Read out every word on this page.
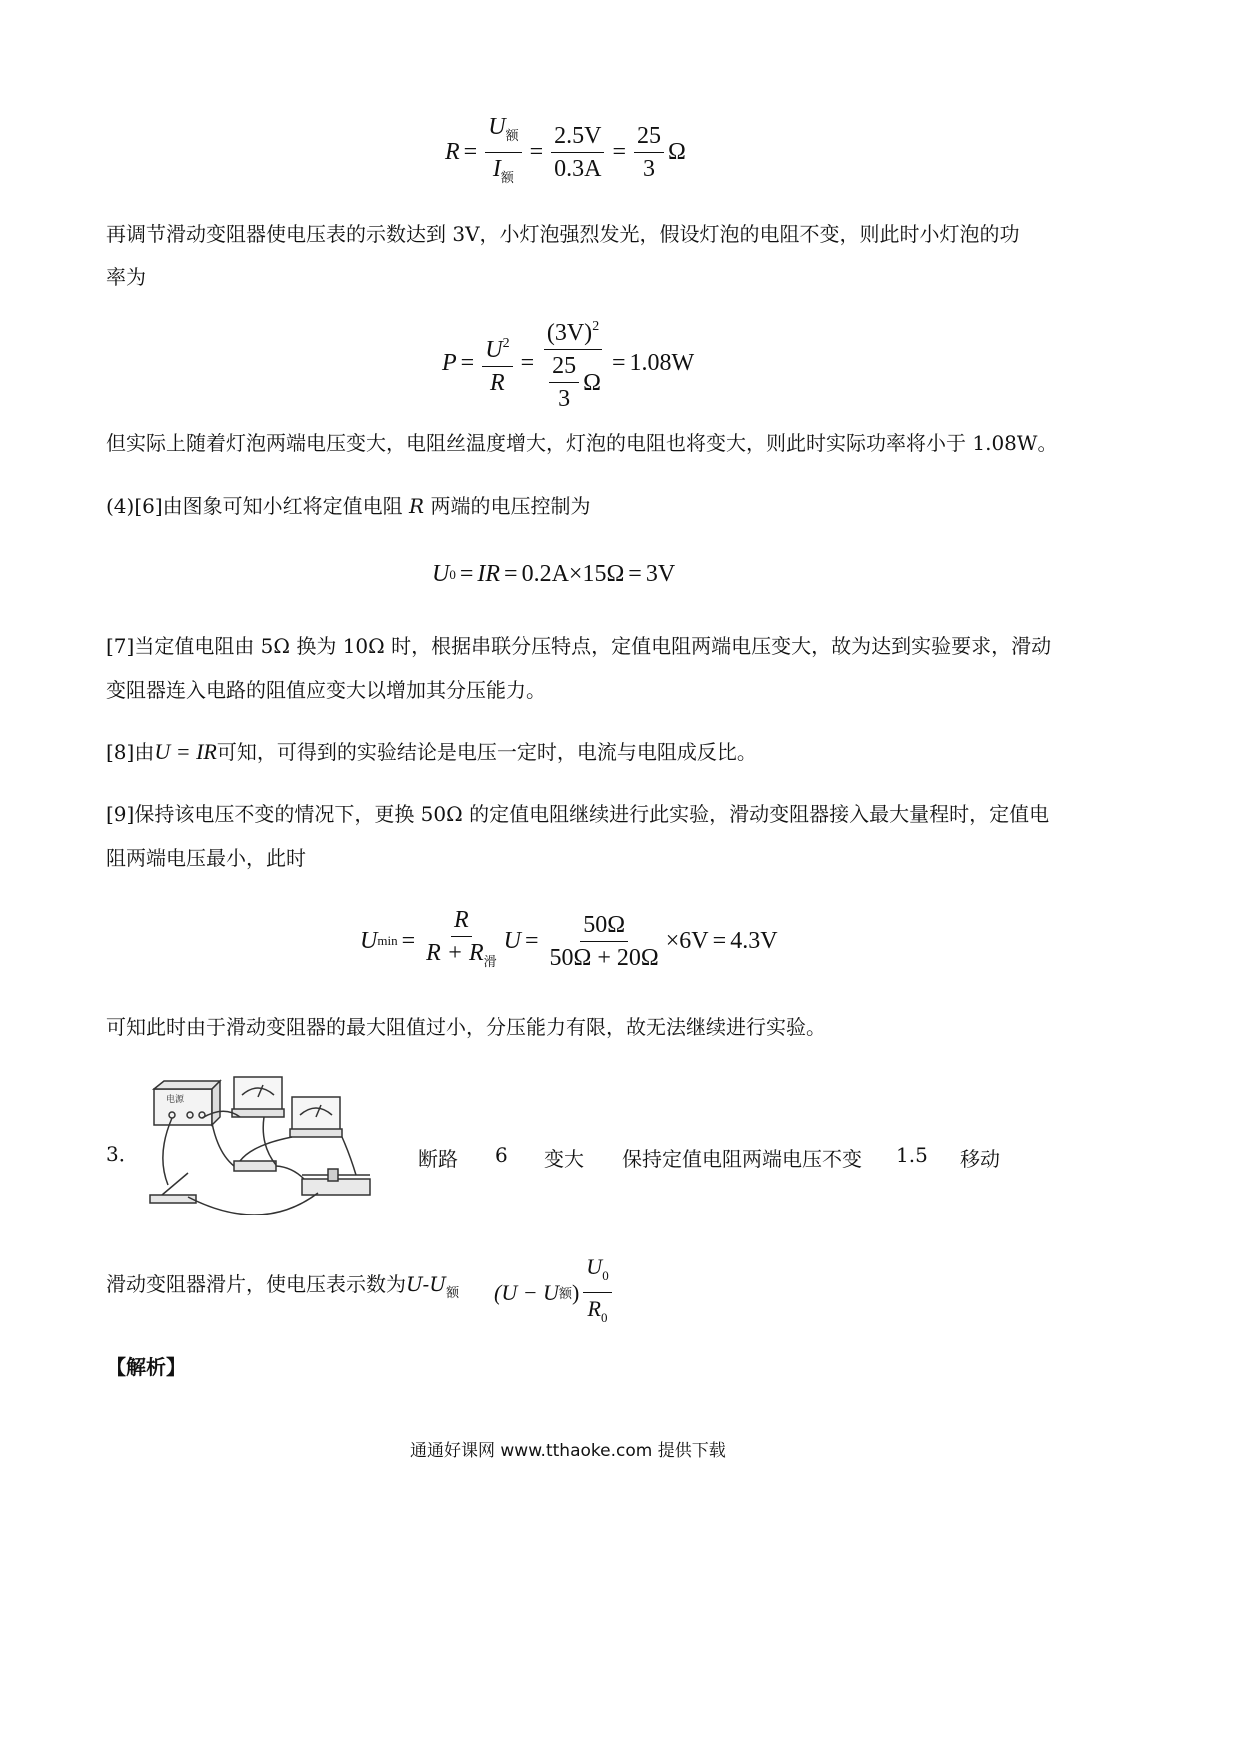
$R = \frac{U_额}{I_额} = \frac{2.5V}{0.3A} = \frac{25}{3}$ Ω
再调节滑动变阻器使电压表的示数达到 3V，小灯泡强烈发光，假设灯泡的电阻不变，则此时小灯泡的功
率为
$P = \frac{U^2}{R} = \frac{(3V)^2}{\frac{25}{3} \Omega} = 1.08W$
但实际上随着灯泡两端电压变大，电阻丝温度增大，灯泡的电阻也将变大，则此时实际功率将小于 1.08W。
(4)[6]由图象可知小红将定值电阻 R 两端的电压控制为
U 0 = IR = 0.2A×15Ω = 3V
[7]当定值电阻由 5Ω 换为 10Ω 时，根据串联分压特点，定值电阻两端电压变大，故为达到实验要求，滑动
变阻器连入电路的阻值应变大以增加其分压能力。
[8]由U = IR可知，可得到的实验结论是电压一定时，电流与电阻成反比。
[9]保持该电压不变的情况下，更换 50Ω 的定值电阻继续进行此实验，滑动变阻器接入最大量程时，定值电
阻两端电压最小，此时
U $\min = \frac{R}{R + R_滑}$ $U = \frac{50\Omega}{50\Omega + 20\Omega} \times 6V = 4.3V$
可知此时由于滑动变阻器的最大阻值过小，分压能力有限，故无法继续进行实验。
3．
电源
断路 6 变大 保持定值电阻两端电压不变 1.5 移动
滑动变阻器滑片，使电压表示数为$U-U_额$ (U − U 额 ) $\frac{U_0}{R_0}$
【解析】
通通好课网 www.tthaoke.com 提供下载
